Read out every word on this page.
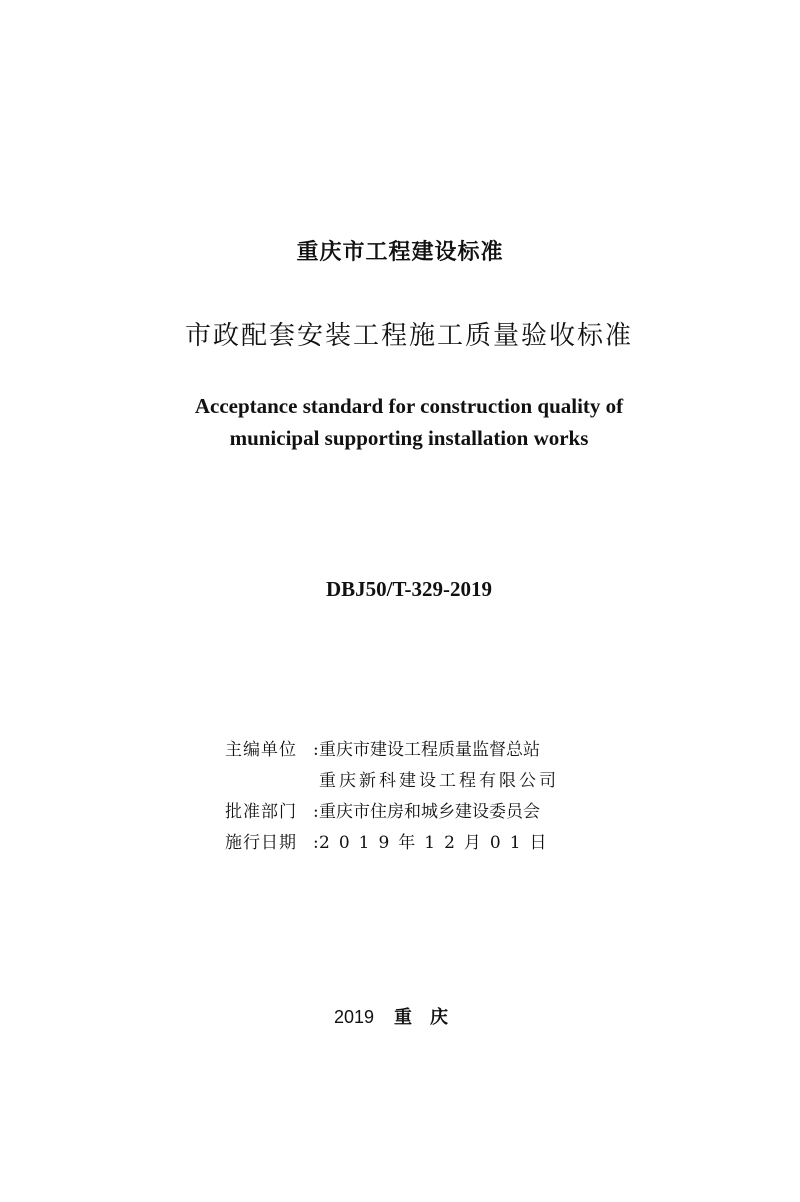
重庆市工程建设标准
市政配套安装工程施工质量验收标准
Acceptance standard for construction quality of
municipal supporting installation works
DBJ50/T-329-2019
主编单位 :重庆市建设工程质量监督总站
重庆新科建设工程有限公司
批准部门 :重庆市住房和城乡建设委员会
施行日期 :2019年12月01日
2019 重庆
